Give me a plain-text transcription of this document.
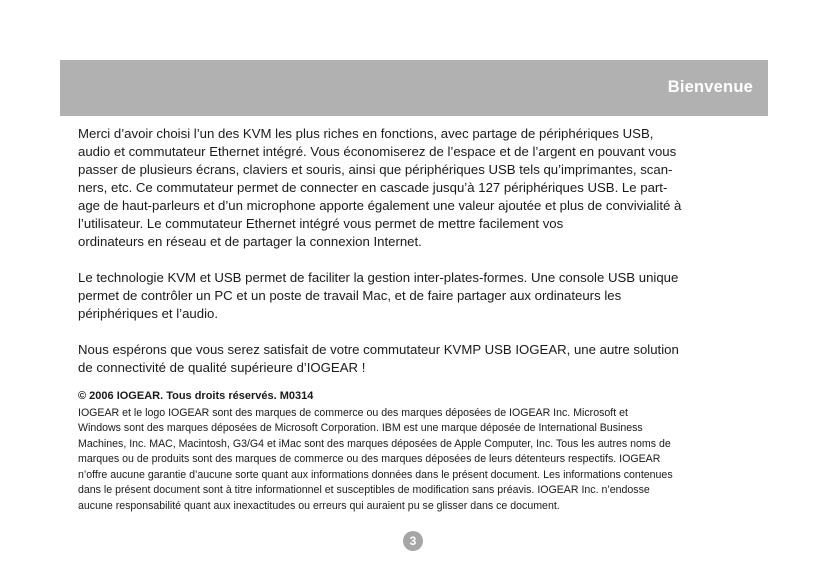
Bienvenue

Merci d’avoir choisi l’un des KVM les plus riches en fonctions, avec partage de périphériques USB,
audio et commutateur Ethernet intégré. Vous économiserez de l’espace et de l’argent en pouvant vous
passer de plusieurs écrans, claviers et souris, ainsi que périphériques USB tels qu’imprimantes, scan-
ners, etc. Ce commutateur permet de connecter en cascade jusqu’à 127 périphériques USB. Le part-
age de haut-parleurs et d’un microphone apporte également une valeur ajoutée et plus de convivialité à
l’utilisateur. Le commutateur Ethernet intégré vous permet de mettre facilement vos
ordinateurs en réseau et de partager la connexion Internet.

Le technologie KVM et USB permet de faciliter la gestion inter-plates-formes. Une console USB unique
permet de contrôler un PC et un poste de travail Mac, et de faire partager aux ordinateurs les
périphériques et l’audio.

Nous espérons que vous serez satisfait de votre commutateur KVMP USB IOGEAR, une autre solution
de connectivité de qualité supérieure d’IOGEAR !

© 2006 IOGEAR. Tous droits réservés. M0314
IOGEAR et le logo IOGEAR sont des marques de commerce ou des marques déposées de IOGEAR Inc. Microsoft et
Windows sont des marques déposées de Microsoft Corporation. IBM est une marque déposée de International Business
Machines, Inc. MAC, Macintosh, G3/G4 et iMac sont des marques déposées de Apple Computer, Inc. Tous les autres noms de
marques ou de produits sont des marques de commerce ou des marques déposées de leurs détenteurs respectifs. IOGEAR
n’offre aucune garantie d’aucune sorte quant aux informations données dans le présent document. Les informations contenues
dans le présent document sont à titre informationnel et susceptibles de modification sans préavis. IOGEAR Inc. n’endosse
aucune responsabilité quant aux inexactitudes ou erreurs qui auraient pu se glisser dans ce document.
3
